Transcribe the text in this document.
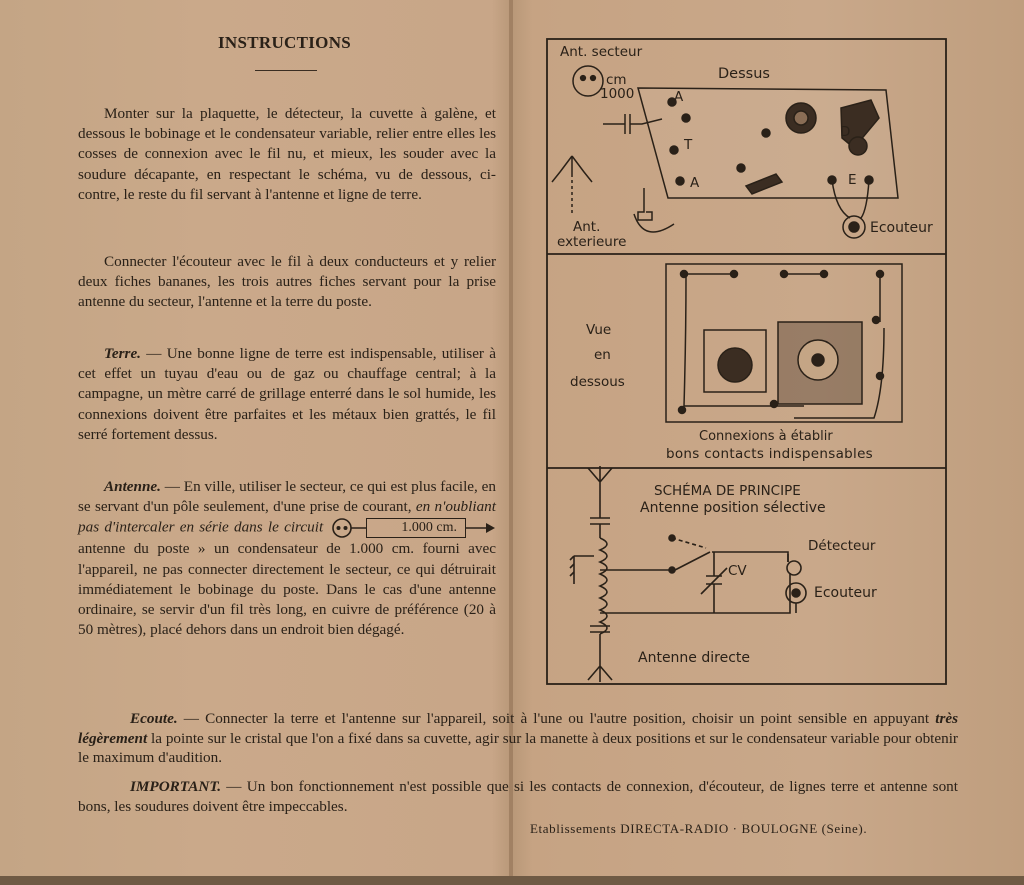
INSTRUCTIONS

Monter sur la plaquette, le détecteur, la cuvette à galène, et dessous le bobinage et le condensateur variable, relier entre elles les cosses de connexion avec le fil nu, et mieux, les souder avec la soudure décapante, en respectant le schéma, vu de dessous, ci-contre, le reste du fil servant à l'antenne et ligne de terre.

Connecter l'écouteur avec le fil à deux conducteurs et y relier deux fiches bananes, les trois autres fiches servant pour la prise antenne du secteur, l'antenne et la terre du poste.

Terre. — Une bonne ligne de terre est indispensable, utiliser à cet effet un tuyau d'eau ou de gaz ou chauffage central; à la campagne, un mètre carré de grillage enterré dans le sol humide, les connexions doivent être parfaites et les métaux bien grattés, le fil serré fortement dessus.

Antenne. — En ville, utiliser le secteur, ce qui est plus facile, en se servant d'un pôle seulement, d'une prise de courant, en n'oubliant pas d'intercaler en série dans le circuit	1.000 cm.
antenne du poste » un condensateur de 1.000 cm. fourni avec l'appareil, ne pas connecter directement le secteur, ce qui détruirait immédiatement le bobinage du poste. Dans le cas d'une antenne ordinaire, se servir d'un fil très long, en cuivre de préférence (20 à 50 mètres), placé dehors dans un endroit bien dégagé.

Ecoute. — Connecter la terre et l'antenne sur l'appareil, soit à l'une ou l'autre position, choisir un point sensible en appuyant très légèrement la pointe sur le cristal que l'on a fixé dans sa cuvette, agir sur la manette à deux positions et sur le condensateur variable pour obtenir le maximum d'audition.

IMPORTANT. — Un bon fonctionnement n'est possible que si les contacts de connexion, d'écouteur, de lignes terre et antenne sont bons, les soudures doivent être impeccables.

Etablissements DIRECTA-RADIO · BOULOGNE (Seine).
Ant. secteur
cm
1000
Dessus
A
T
A
D
E
Ant.
exterieure
Ecouteur
Vue
en
dessous
Connexions à établir
bons contacts indispensables
SCHÉMA DE PRINCIPE
Antenne position sélective
Détecteur
CV
Ecouteur
Antenne directe
